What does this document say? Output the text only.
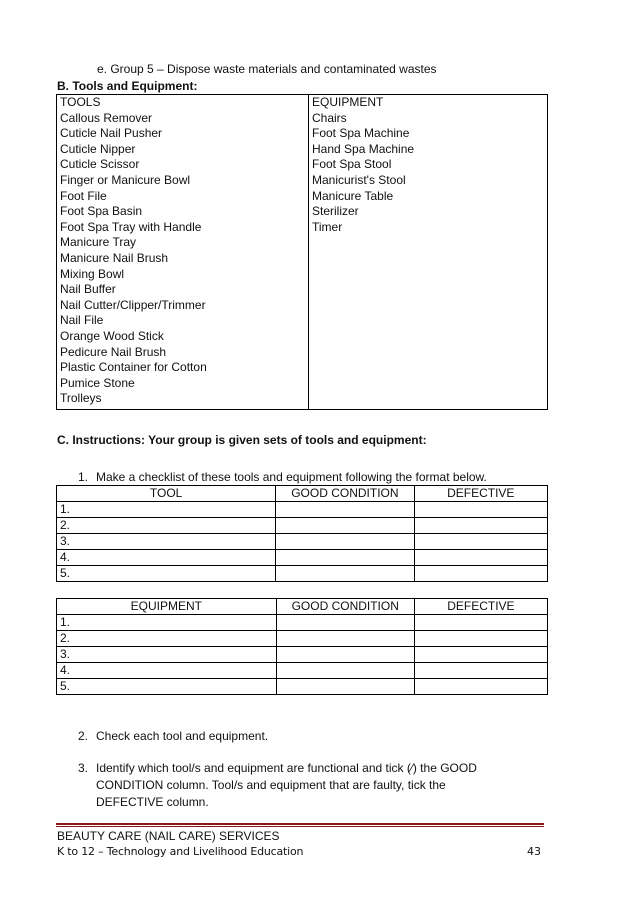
e. Group 5 – Dispose waste materials and contaminated wastes
B. Tools and Equipment:
TOOLS
Callous Remover
Cuticle Nail Pusher
Cuticle Nipper
Cuticle Scissor
Finger or Manicure Bowl
Foot File
Foot Spa Basin
Foot Spa Tray with Handle
Manicure Tray
Manicure Nail Brush
Mixing Bowl
Nail Buffer
Nail Cutter/Clipper/Trimmer
Nail File
Orange Wood Stick
Pedicure Nail Brush
Plastic Container for Cotton
Pumice Stone
Trolleys

EQUIPMENT
Chairs
Foot Spa Machine
Hand Spa Machine
Foot Spa Stool
Manicurist's Stool
Manicure Table
Sterilizer
Timer
C. Instructions: Your group is given sets of tools and equipment:
1. Make a checklist of these tools and equipment following the format below.
TOOL	GOOD CONDITION	DEFECTIVE
1.		
2.		
3.		
4.		
5.		
EQUIPMENT	GOOD CONDITION	DEFECTIVE
1.		
2.		
3.		
4.		
5.		
2. Check each tool and equipment.
3. Identify which tool/s and equipment are functional and tick (⁄) the GOOD CONDITION column. Tool/s and equipment that are faulty, tick the DEFECTIVE column.
BEAUTY CARE (NAIL CARE) SERVICES
K to 12 – Technology and Livelihood Education	43
